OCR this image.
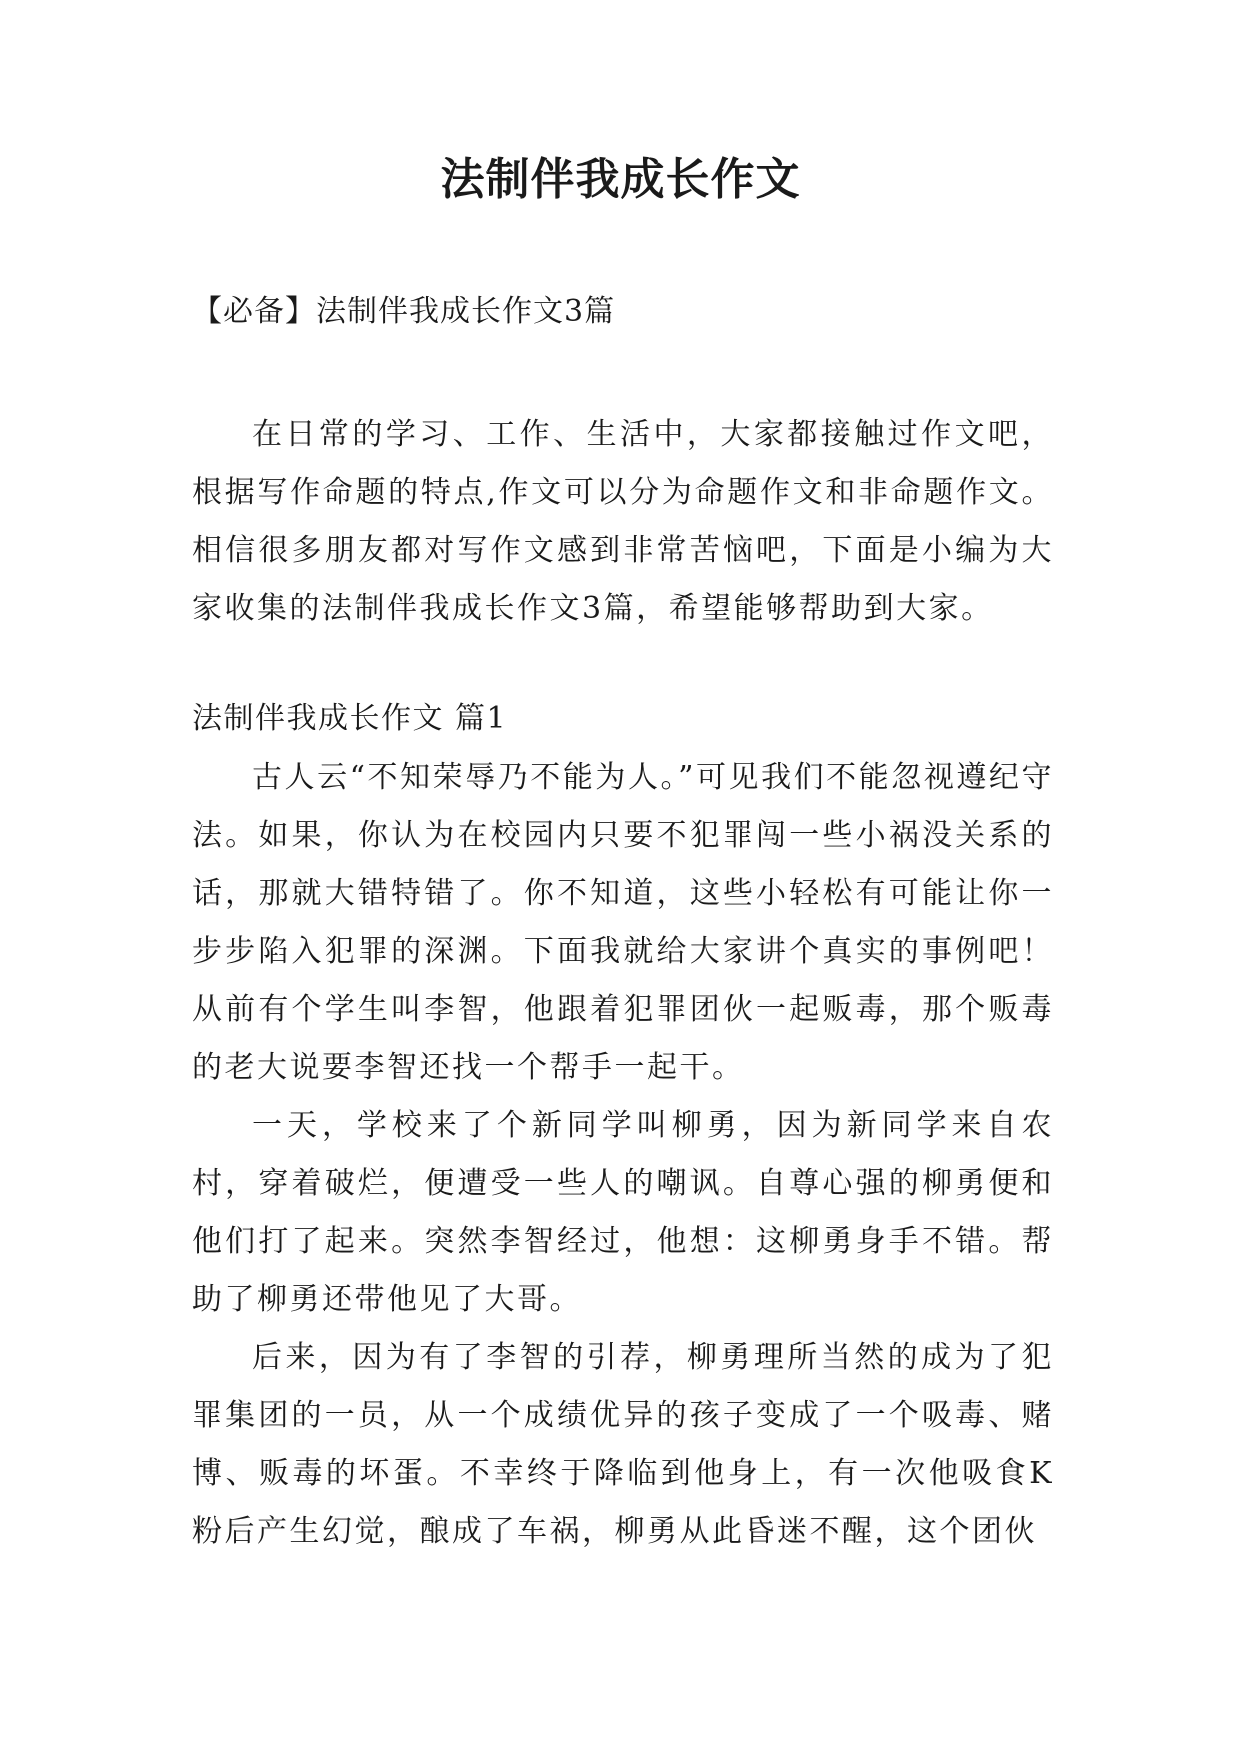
法制伴我成长作文
【必备】法制伴我成长作文3篇

在日常的学习、工作、生活中，大家都接触过作文吧，根据写作命题的特点,作文可以分为命题作文和非命题作文。相信很多朋友都对写作文感到非常苦恼吧，下面是小编为大家收集的法制伴我成长作文3篇，希望能够帮助到大家。

法制伴我成长作文 篇1

古人云“不知荣辱乃不能为人。”可见我们不能忽视遵纪守法。如果，你认为在校园内只要不犯罪闯一些小祸没关系的话，那就大错特错了。你不知道，这些小轻松有可能让你一步步陷入犯罪的深渊。下面我就给大家讲个真实的事例吧！ 从前有个学生叫李智，他跟着犯罪团伙一起贩毒，那个贩毒的老大说要李智还找一个帮手一起干。

一天，学校来了个新同学叫柳勇，因为新同学来自农村，穿着破烂，便遭受一些人的嘲讽。自尊心强的柳勇便和他们打了起来。突然李智经过，他想：这柳勇身手不错。帮助了柳勇还带他见了大哥。

后来，因为有了李智的引荐，柳勇理所当然的成为了犯罪集团的一员，从一个成绩优异的孩子变成了一个吸毒、赌博、贩毒的坏蛋。不幸终于降临到他身上，有一次他吸食K粉后产生幻觉，酿成了车祸，柳勇从此昏迷不醒，这个团伙
